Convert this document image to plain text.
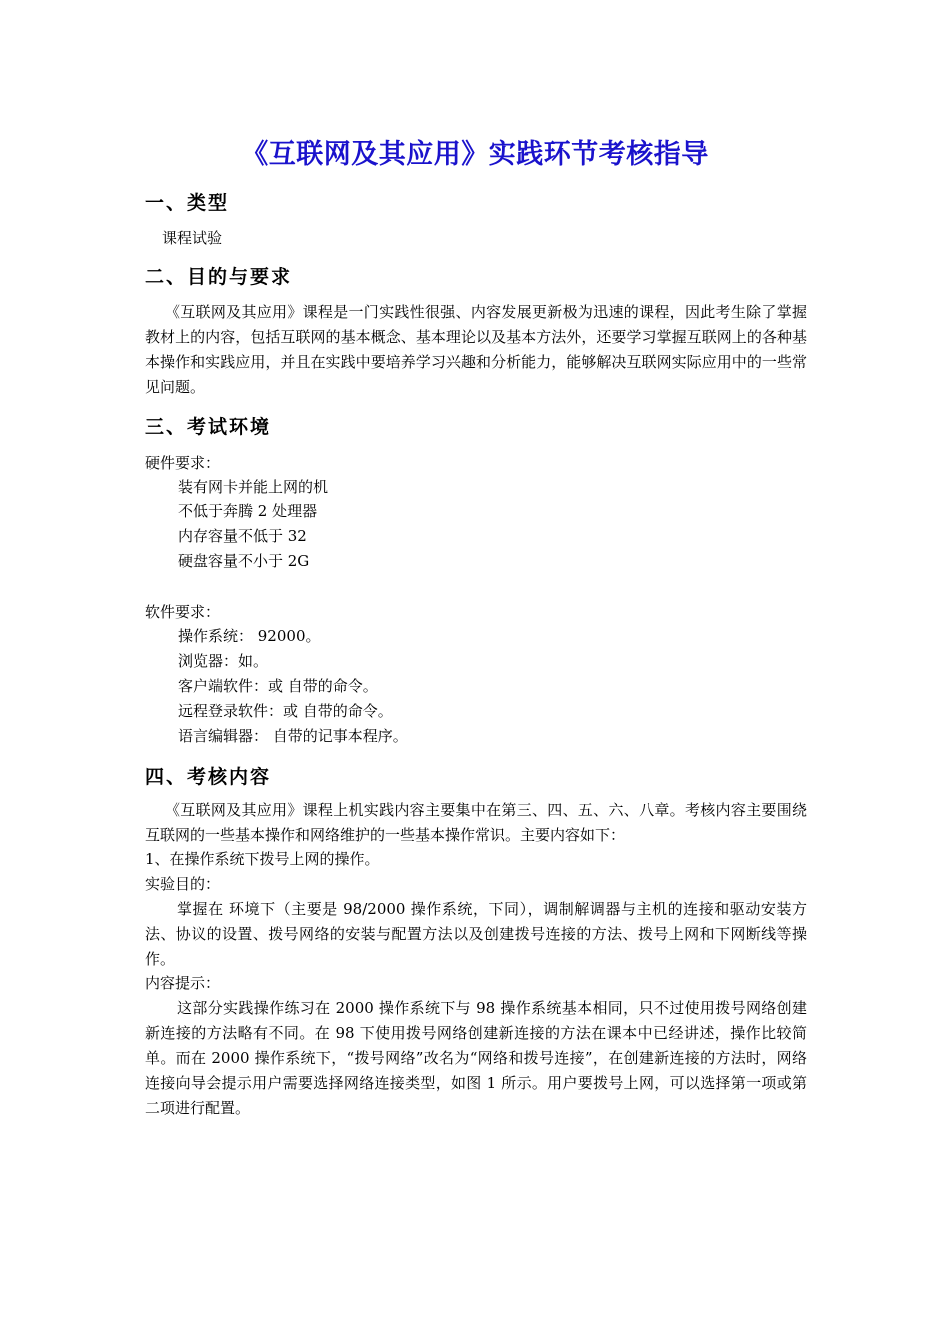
《互联网及其应用》实践环节考核指导
一、类型
课程试验
二、目的与要求
《互联网及其应用》课程是一门实践性很强、内容发展更新极为迅速的课程，因此考生除了掌握教材上的内容，包括互联网的基本概念、基本理论以及基本方法外，还要学习掌握互联网上的各种基本操作和实践应用，并且在实践中要培养学习兴趣和分析能力，能够解决互联网实际应用中的一些常见问题。
三、考试环境
硬件要求：
装有网卡并能上网的机
不低于奔腾 2 处理器
内存容量不低于 32
硬盘容量不小于 2G
软件要求：
操作系统： 92000。
浏览器：如。
客户端软件：或 自带的命令。
远程登录软件：或 自带的命令。
语言编辑器： 自带的记事本程序。
四、考核内容
《互联网及其应用》课程上机实践内容主要集中在第三、四、五、六、八章。考核内容主要围绕互联网的一些基本操作和网络维护的一些基本操作常识。主要内容如下：
1、在操作系统下拨号上网的操作。
实验目的：
掌握在 环境下（主要是 98/2000 操作系统，下同），调制解调器与主机的连接和驱动安装方法、协议的设置、拨号网络的安装与配置方法以及创建拨号连接的方法、拨号上网和下网断线等操作。
内容提示：
这部分实践操作练习在 2000 操作系统下与 98 操作系统基本相同，只不过使用拨号网络创建新连接的方法略有不同。在 98 下使用拨号网络创建新连接的方法在课本中已经讲述，操作比较简单。而在 2000 操作系统下，“拨号网络”改名为“网络和拨号连接”，在创建新连接的方法时，网络连接向导会提示用户需要选择网络连接类型，如图 1 所示。用户要拨号上网，可以选择第一项或第二项进行配置。
